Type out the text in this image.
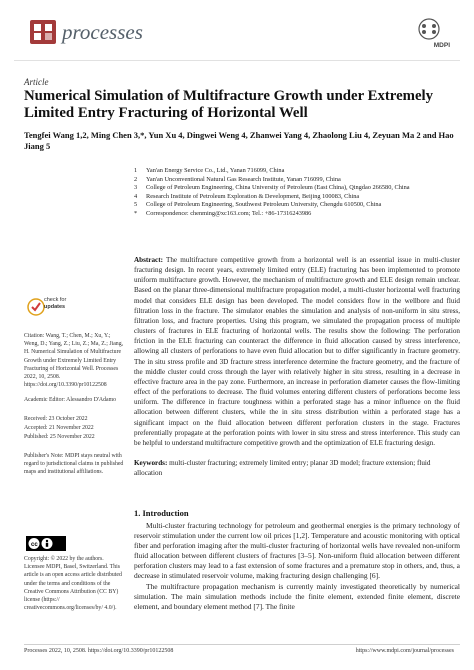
processes
MDPI
Article
Numerical Simulation of Multifracture Growth under Extremely Limited Entry Fracturing of Horizontal Well
Tengfei Wang 1,2, Ming Chen 3,*, Yun Xu 4, Dingwei Weng 4, Zhanwei Yang 4, Zhaolong Liu 4, Zeyuan Ma 2 and Hao Jiang 5
1	Yan'an Energy Service Co., Ltd., Yanan 716099, China
2	Yan'an Unconventional Natural Gas Research Institute, Yanan 716099, China
3	College of Petroleum Engineering, China University of Petroleum (East China), Qingdao 266580, China
4	Research Institute of Petroleum Exploration & Development, Beijing 100083, China
5	College of Petroleum Engineering, Southwest Petroleum University, Chengdu 610500, China
*	Correspondence: chenming@xc163.com; Tel.: +86-17316243986
Abstract: The multifracture competitive growth from a horizontal well is an essential issue in multi-cluster fracturing design. In recent years, extremely limited entry (ELE) fracturing has been implemented to promote uniform multifracture growth. However, the mechanism of multifracture growth and ELE design remain unclear. Based on the planar three-dimensional multifracture propagation model, a multi-cluster horizontal well fracturing model that considers ELE design has been developed. The model considers flow in the wellbore and fluid filtration loss in the fracture. The simulator enables the simulation and analysis of non-uniform in situ stress, filtration loss, and fracture properties. Using this program, we simulated the propagation process of multiple clusters of fractures in ELE fracturing of horizontal wells. The results show the following: The perforation friction in the ELE fracturing can counteract the difference in fluid allocation caused by stress interference, allowing all clusters of perforations to have even fluid allocation but to differ significantly in fracture geometry. The in situ stress profile and 3D fracture stress interference determine the fracture geometry, and the fracture of the middle cluster could cross through the layer with relatively higher in situ stress, resulting in a decrease in effective fracture area in the pay zone. Furthermore, an increase in perforation diameter causes the flow-limiting effect of the perforations to decrease. The fluid volumes entering different clusters of perforations become less uniform. The difference in fracture toughness within a perforated stage has a minor influence on the fluid allocation between different clusters, while the in situ stress distribution within a perforated stage has a significant impact on the fluid allocation between different perforation clusters in the stage. Fractures preferentially propagate at the perforation points with lower in situ stress and stress interference. This study can be helpful to understand multifracture competitive growth and the optimization of ELE fracturing design.
Keywords: multi-cluster fracturing; extremely limited entry; planar 3D model; fracture extension; fluid allocation
check for
updates
Citation: Wang, T.; Chen, M.; Xu, Y.; Weng, D.; Yang, Z.; Liu, Z.; Ma, Z.; Jiang, H. Numerical Simulation of Multifracture Growth under Extremely Limited Entry Fracturing of Horizontal Well. Processes 2022, 10, 2508. https://doi.org/10.3390/pr10122508
Academic Editor: Alessandro D'Adamo
Received: 23 October 2022
Accepted: 21 November 2022
Published: 25 November 2022
Publisher's Note: MDPI stays neutral with regard to jurisdictional claims in published maps and institutional affiliations.
cc
Copyright: © 2022 by the authors. Licensee MDPI, Basel, Switzerland. This article is an open access article distributed under the terms and conditions of the Creative Commons Attribution (CC BY) license (https:// creativecommons.org/licenses/by/ 4.0/).
1. Introduction

Multi-cluster fracturing technology for petroleum and geothermal energies is the primary technology of reservoir stimulation under the current low oil prices [1,2]. Temperature and acoustic monitoring with optical fiber and perforation imaging after the multi-cluster fracturing of horizontal wells have revealed non-uniform fluid allocation between different clusters of fractures [3–5]. Non-uniform fluid allocation between different perforation clusters may lead to a fast extension of some fractures and a premature stop in others, and, thus, a decrease in stimulated reservoir volume, making fracturing design challenging [6].

The multifracture propagation mechanism is currently mainly investigated theoretically by numerical simulation. The main simulation methods include the finite element, extended finite element, discrete element, and boundary element method [7]. The finite

Processes 2022, 10, 2508. https://doi.org/10.3390/pr10122508	https://www.mdpi.com/journal/processes
